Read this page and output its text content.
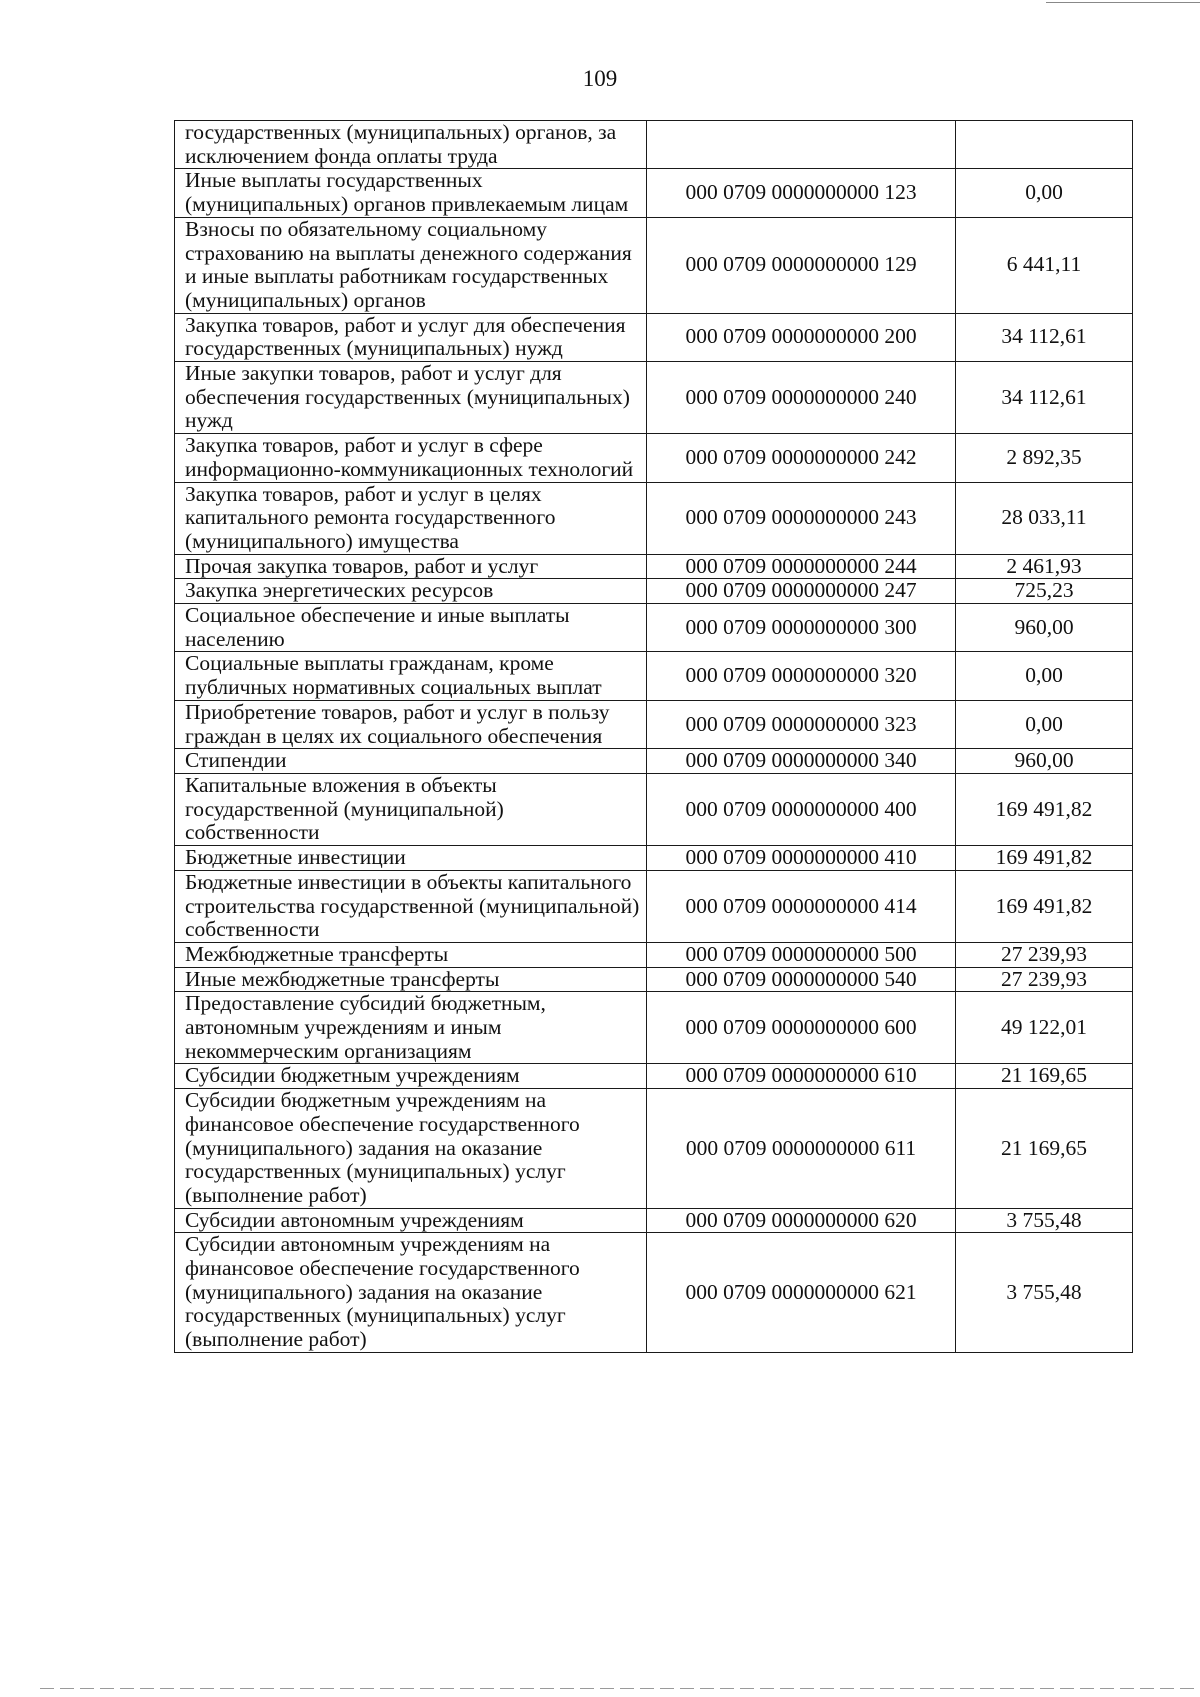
109
государственных (муниципальных) органов, за исключением фонда оплаты труда		
Иные выплаты государственных (муниципальных) органов привлекаемым лицам	000 0709 0000000000 123	0,00
Взносы по обязательному социальному страхованию на выплаты денежного содержания и иные выплаты работникам государственных (муниципальных) органов	000 0709 0000000000 129	6 441,11
Закупка товаров, работ и услуг для обеспечения государственных (муниципальных) нужд	000 0709 0000000000 200	34 112,61
Иные закупки товаров, работ и услуг для обеспечения государственных (муниципальных) нужд	000 0709 0000000000 240	34 112,61
Закупка товаров, работ и услуг в сфере информационно-коммуникационных технологий	000 0709 0000000000 242	2 892,35
Закупка товаров, работ и услуг в целях капитального ремонта государственного (муниципального) имущества	000 0709 0000000000 243	28 033,11
Прочая закупка товаров, работ и услуг	000 0709 0000000000 244	2 461,93
Закупка энергетических ресурсов	000 0709 0000000000 247	725,23
Социальное обеспечение и иные выплаты населению	000 0709 0000000000 300	960,00
Социальные выплаты гражданам, кроме публичных нормативных социальных выплат	000 0709 0000000000 320	0,00
Приобретение товаров, работ и услуг в пользу граждан в целях их социального обеспечения	000 0709 0000000000 323	0,00
Стипендии	000 0709 0000000000 340	960,00
Капитальные вложения в объекты государственной (муниципальной) собственности	000 0709 0000000000 400	169 491,82
Бюджетные инвестиции	000 0709 0000000000 410	169 491,82
Бюджетные инвестиции в объекты капитального строительства государственной (муниципальной) собственности	000 0709 0000000000 414	169 491,82
Межбюджетные трансферты	000 0709 0000000000 500	27 239,93
Иные межбюджетные трансферты	000 0709 0000000000 540	27 239,93
Предоставление субсидий бюджетным, автономным учреждениям и иным некоммерческим организациям	000 0709 0000000000 600	49 122,01
Субсидии бюджетным учреждениям	000 0709 0000000000 610	21 169,65
Субсидии бюджетным учреждениям на финансовое обеспечение государственного (муниципального) задания на оказание государственных (муниципальных) услуг (выполнение работ)	000 0709 0000000000 611	21 169,65
Субсидии автономным учреждениям	000 0709 0000000000 620	3 755,48
Субсидии автономным учреждениям на финансовое обеспечение государственного (муниципального) задания на оказание государственных (муниципальных) услуг (выполнение работ)	000 0709 0000000000 621	3 755,48
